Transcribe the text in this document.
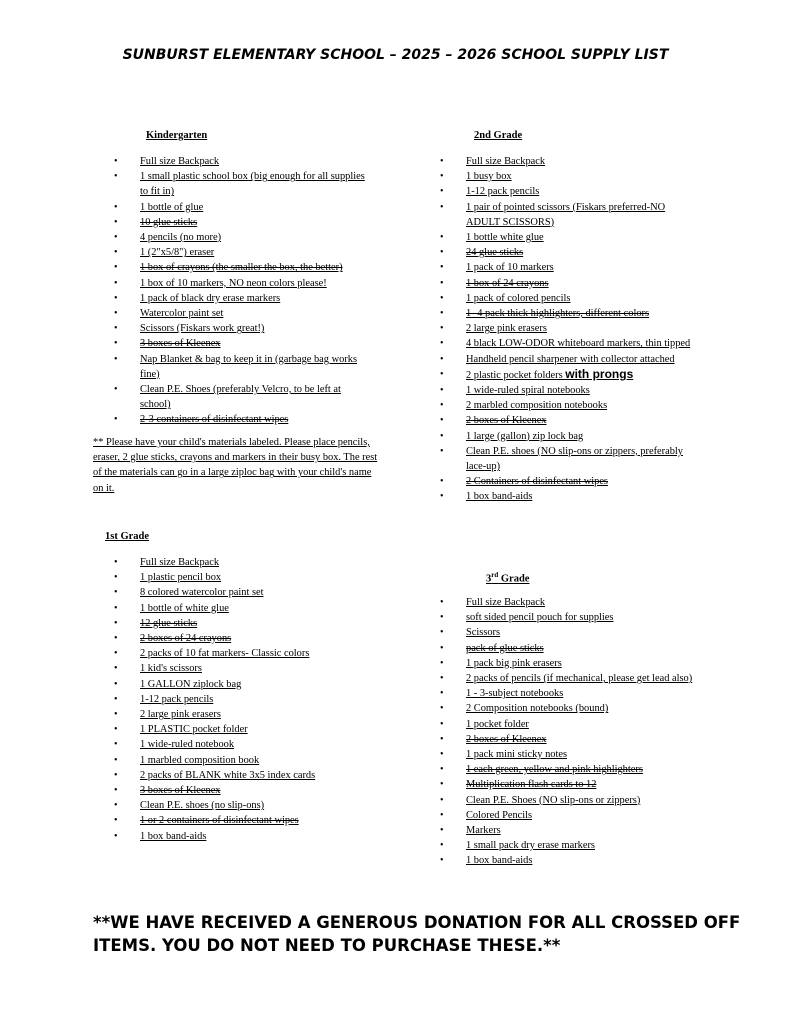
SUNBURST ELEMENTARY SCHOOL – 2025 – 2026 SCHOOL SUPPLY LIST
Kindergarten
• Full size Backpack
• 1 small plastic school box (big enough for all supplies to fit in)
• 1 bottle of glue
• 10 glue sticks
• 4 pencils (no more)
• 1 (2"x5/8") eraser
• 1 box of crayons (the smaller the box, the better)
• 1 box of 10 markers, NO neon colors please!
• 1 pack of black dry erase markers
• Watercolor paint set
• Scissors (Fiskars work great!)
• 3 boxes of Kleenex
• Nap Blanket & bag to keep it in (garbage bag works fine)
• Clean P.E. Shoes (preferably Velcro, to be left at school)
• 2-3 containers of disinfectant wipes

** Please have your child's materials labeled. Please place pencils, eraser, 2 glue sticks, crayons and markers in their busy box. The rest of the materials can go in a large ziploc bag with your child's name on it.

1st Grade
• Full size Backpack
• 1 plastic pencil box
• 8 colored watercolor paint set
• 1 bottle of white glue
• 12 glue sticks
• 2 boxes of 24 crayons
• 2 packs of 10 fat markers- Classic colors
• 1 kid's scissors
• 1 GALLON ziplock bag
• 1-12 pack pencils
• 2 large pink erasers
• 1 PLASTIC pocket folder
• 1 wide-ruled notebook
• 1 marbled composition book
• 2 packs of BLANK white 3x5 index cards
• 3 boxes of Kleenex
• Clean P.E. shoes (no slip-ons)
• 1 or 2 containers of disinfectant wipes
• 1 box band-aids
2nd Grade
• Full size Backpack
• 1 busy box
• 1-12 pack pencils
• 1 pair of pointed scissors (Fiskars preferred-NO ADULT SCISSORS)
• 1 bottle white glue
• 24 glue sticks
• 1 pack of 10 markers
• 1 box of 24 crayons
• 1 pack of colored pencils
• 1- 4 pack thick highlighters, different colors
• 2 large pink erasers
• 4 black LOW-ODOR whiteboard markers, thin tipped
• Handheld pencil sharpener with collector attached
• 2 plastic pocket folders with prongs
• 1 wide-ruled spiral notebooks
• 2 marbled composition notebooks
• 2 boxes of Kleenex
• 1 large (gallon) zip lock bag
• Clean P.E. shoes (NO slip-ons or zippers, preferably lace-up)
• 2 Containers of disinfectant wipes
• 1 box band-aids
3rd Grade
• Full size Backpack
• soft sided pencil pouch for supplies
• Scissors
• pack of glue sticks
• 1 pack big pink erasers
• 2 packs of pencils (if mechanical, please get lead also)
• 1 - 3-subject notebooks
• 2 Composition notebooks (bound)
• 1 pocket folder
• 2 boxes of Kleenex
• 1 pack mini sticky notes
• 1 each green, yellow and pink highlighters
• Multiplication flash cards to 12
• Clean P.E. Shoes (NO slip-ons or zippers)
• Colored Pencils
• Markers
• 1 small pack dry erase markers
• 1 box band-aids

**WE HAVE RECEIVED A GENEROUS DONATION FOR ALL CROSSED OFF ITEMS. YOU DO NOT NEED TO PURCHASE THESE.**
